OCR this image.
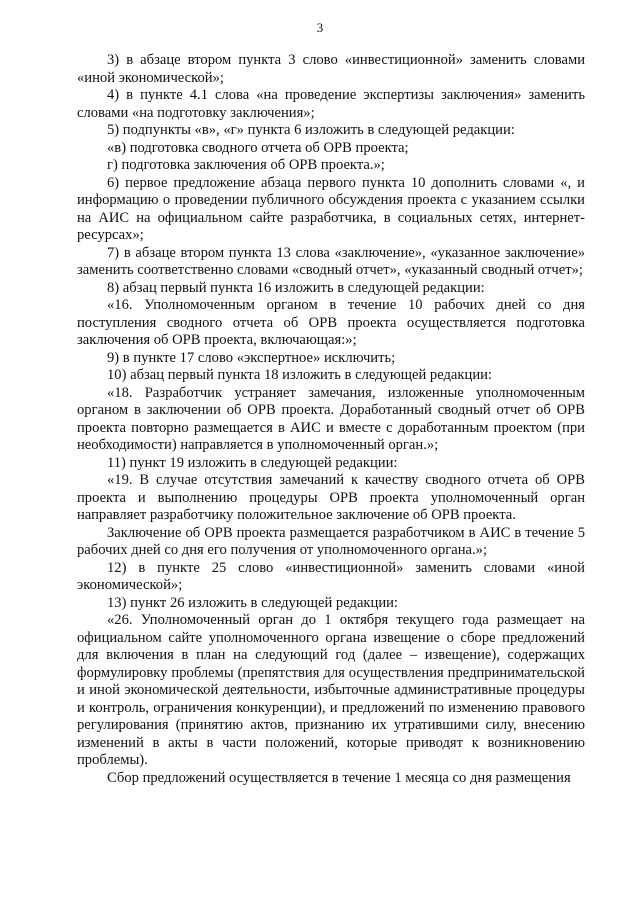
3

3) в абзаце втором пункта 3 слово «инвестиционной» заменить словами «иной экономической»;

4) в пункте 4.1 слова «на проведение экспертизы заключения» заменить словами «на подготовку заключения»;

5) подпункты «в», «г» пункта 6 изложить в следующей редакции:

«в) подготовка сводного отчета об ОРВ проекта;

г) подготовка заключения об ОРВ проекта.»;

6) первое предложение абзаца первого пункта 10 дополнить словами «, и информацию о проведении публичного обсуждения проекта с указанием ссылки на АИС на официальном сайте разработчика, в социальных сетях, интернет-ресурсах»;

7) в абзаце втором пункта 13 слова «заключение», «указанное заключение» заменить соответственно словами «сводный отчет», «указанный сводный отчет»;

8) абзац первый пункта 16 изложить в следующей редакции:

«16. Уполномоченным органом в течение 10 рабочих дней со дня поступления сводного отчета об ОРВ проекта осуществляется подготовка заключения об ОРВ проекта, включающая:»;

9) в пункте 17 слово «экспертное» исключить;

10) абзац первый пункта 18 изложить в следующей редакции:

«18. Разработчик устраняет замечания, изложенные уполномоченным органом в заключении об ОРВ проекта. Доработанный сводный отчет об ОРВ проекта повторно размещается в АИС и вместе с доработанным проектом (при необходимости) направляется в уполномоченный орган.»;

11) пункт 19 изложить в следующей редакции:

«19. В случае отсутствия замечаний к качеству сводного отчета об ОРВ проекта и выполнению процедуры ОРВ проекта уполномоченный орган направляет разработчику положительное заключение об ОРВ проекта.

Заключение об ОРВ проекта размещается разработчиком в АИС в течение 5 рабочих дней со дня его получения от уполномоченного органа.»;

12) в пункте 25 слово «инвестиционной» заменить словами «иной экономической»;

13) пункт 26 изложить в следующей редакции:

«26. Уполномоченный орган до 1 октября текущего года размещает на официальном сайте уполномоченного органа извещение о сборе предложений для включения в план на следующий год (далее – извещение), содержащих формулировку проблемы (препятствия для осуществления предпринимательской и иной экономической деятельности, избыточные административные процедуры и контроль, ограничения конкуренции), и предложений по изменению правового регулирования (принятию актов, признанию их утратившими силу, внесению изменений в акты в части положений, которые приводят к возникновению проблемы).

Сбор предложений осуществляется в течение 1 месяца со дня размещения
